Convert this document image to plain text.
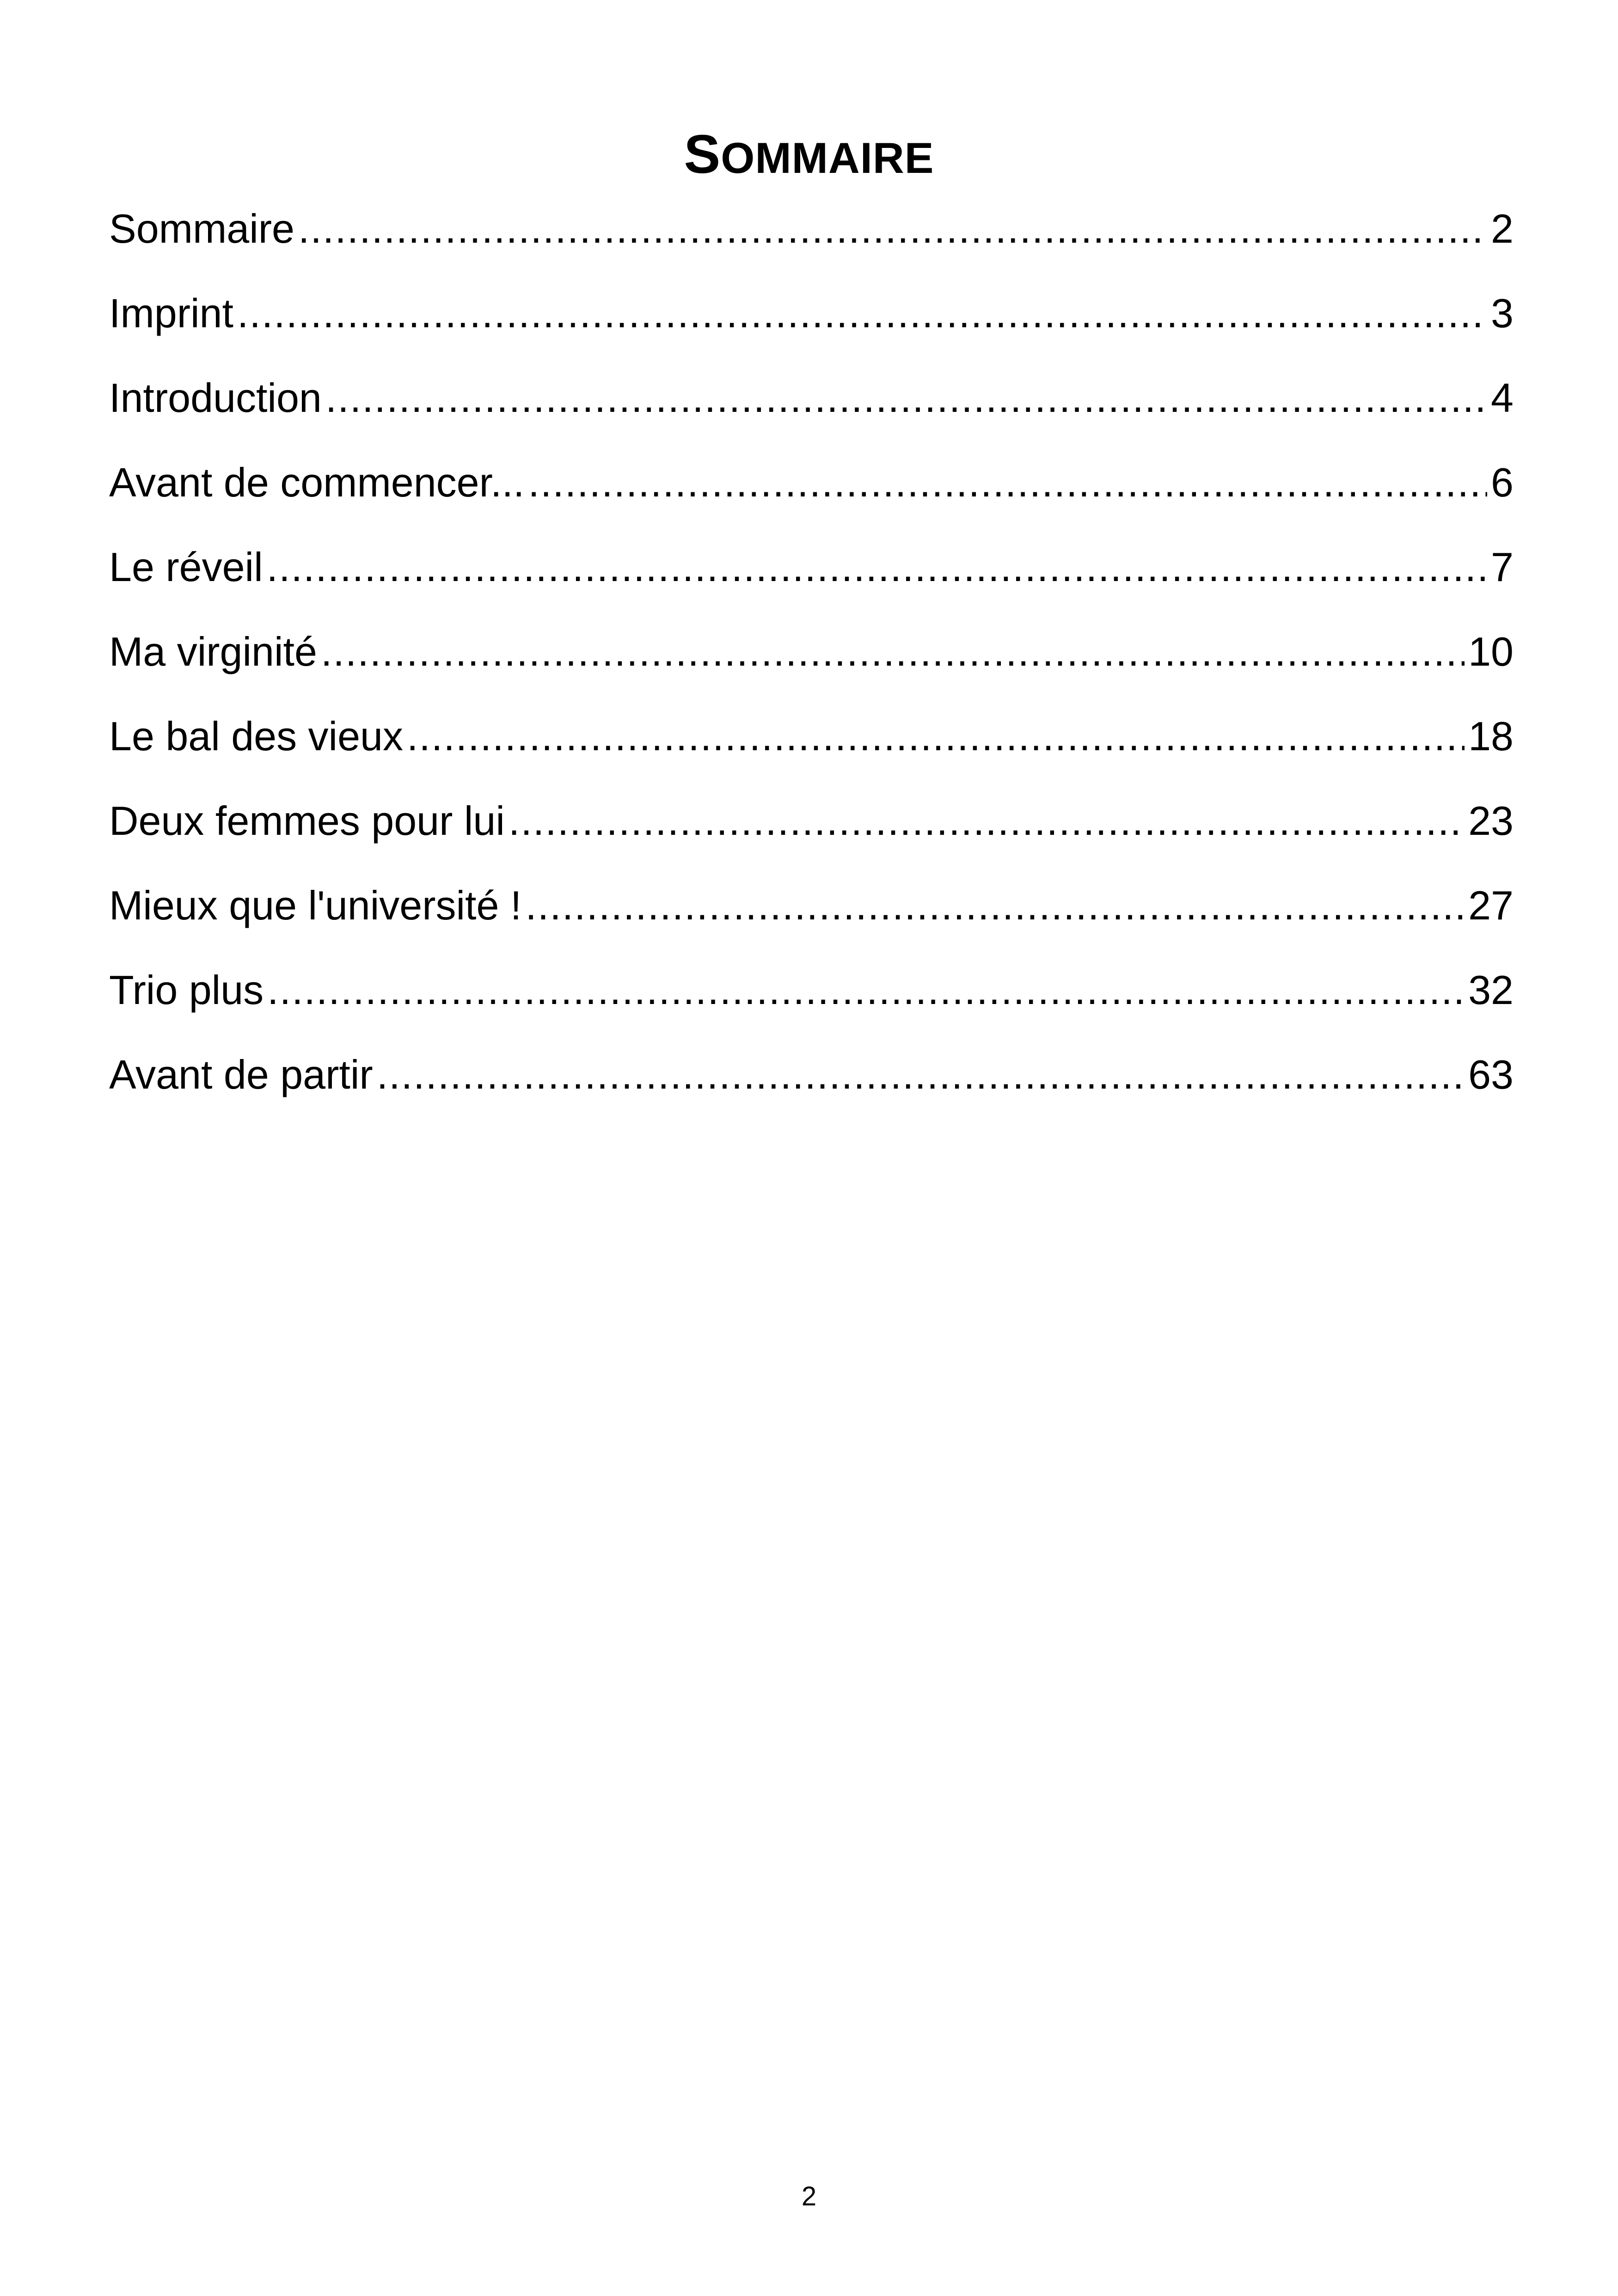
SOMMAIRE
Sommaire .....	2
Imprint .....	3
Introduction .....	4
Avant de commencer... .....	6
Le réveil .....	7
Ma virginité .....	10
Le bal des vieux .....	18
Deux femmes pour lui .....	23
Mieux que l'université ! .....	27
Trio plus .....	32
Avant de partir .....	63
2
